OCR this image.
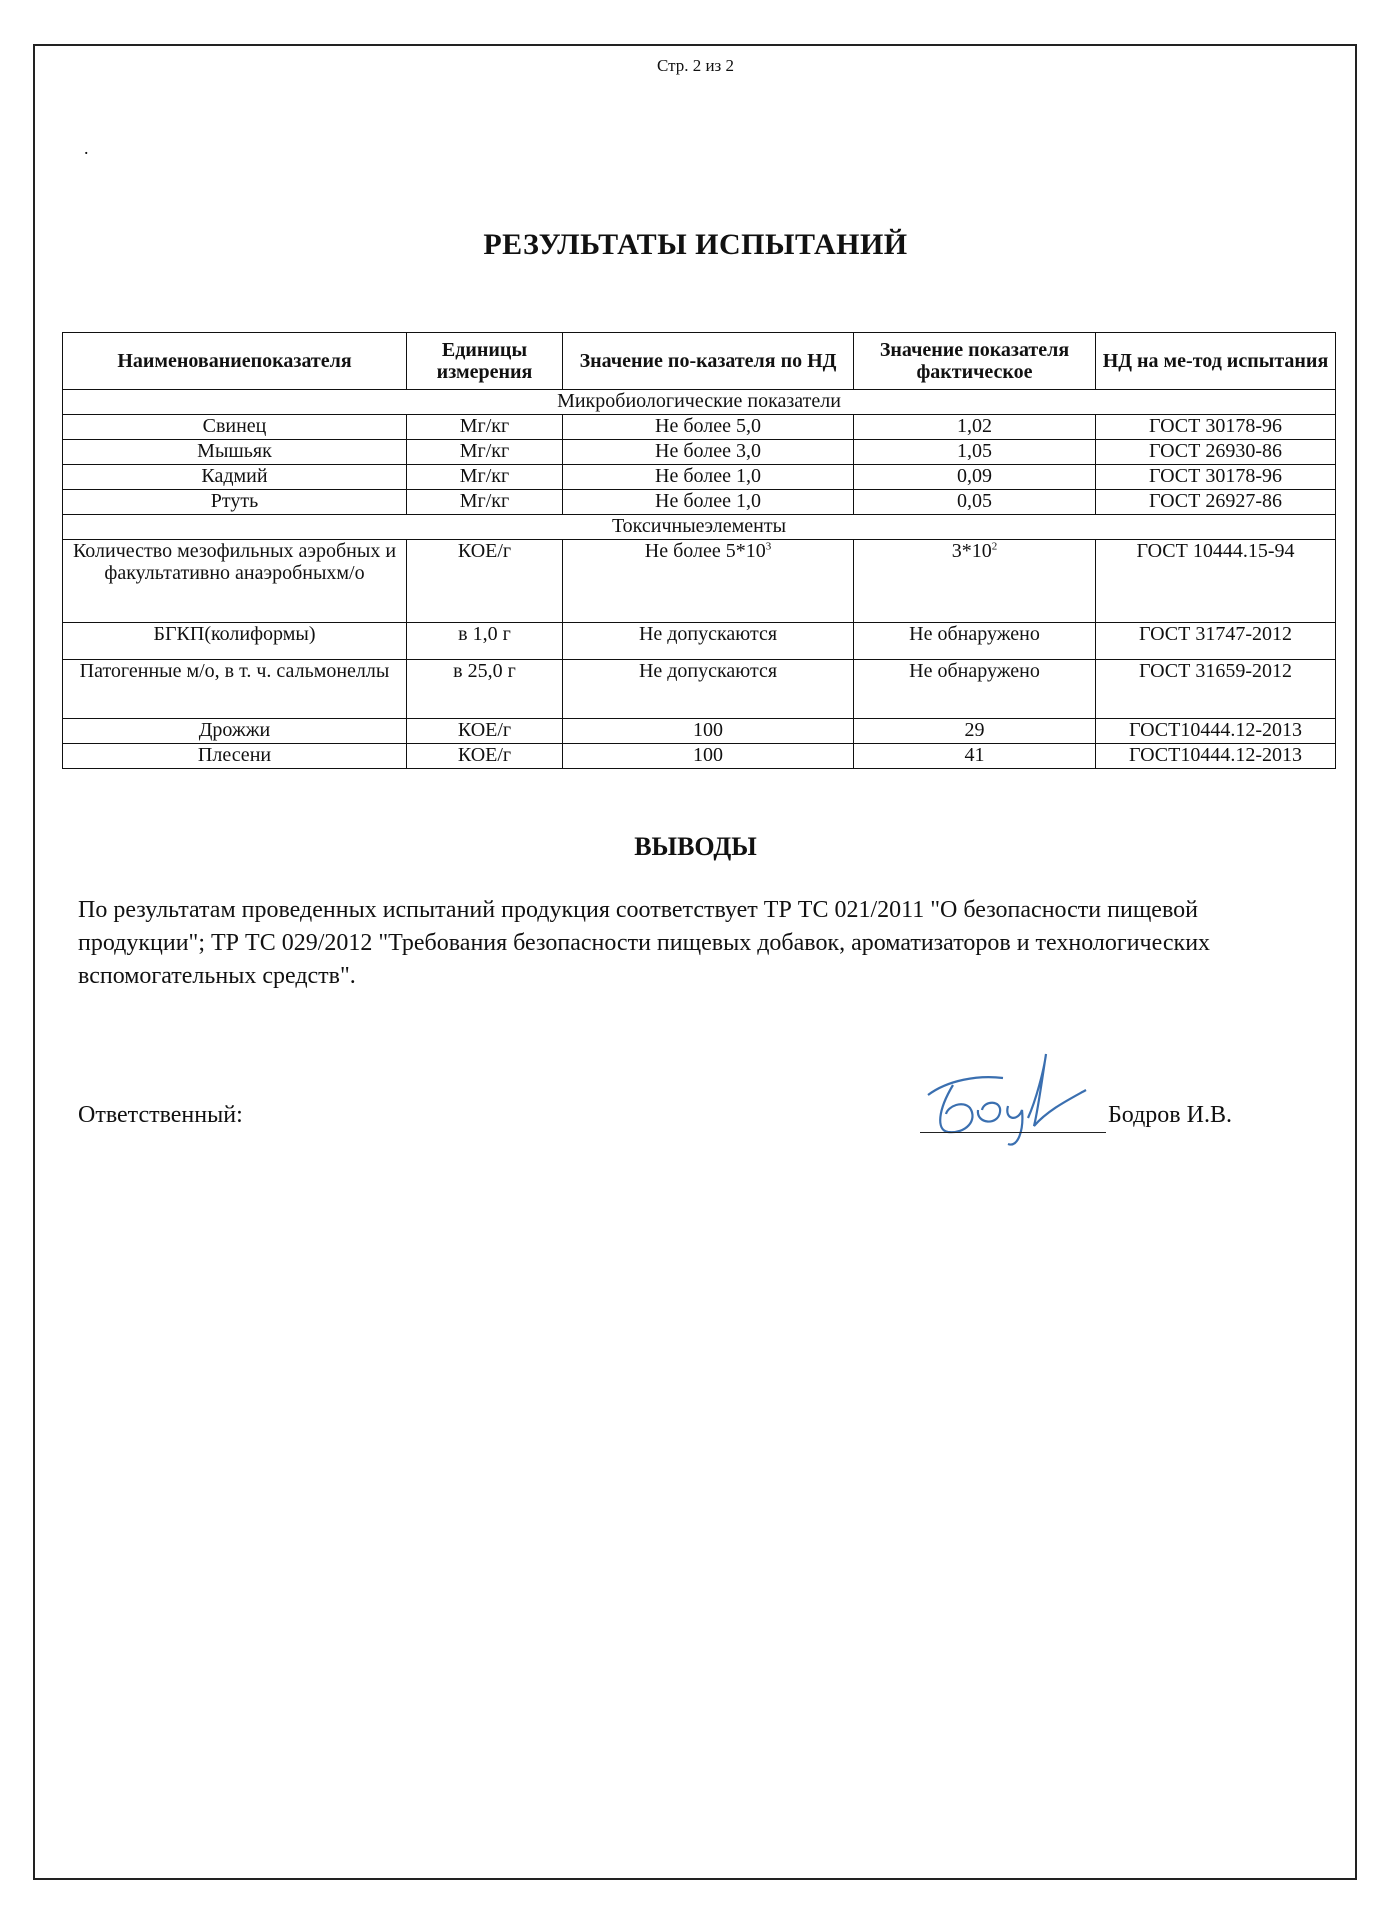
Стр. 2 из 2
.
РЕЗУЛЬТАТЫ ИСПЫТАНИЙ
Наименованиепоказателя	Единицы измерения	Значение по-казателя по НД	Значение показателя фактическое	НД на ме-тод испытания
Микробиологические показатели				
Свинец	Мг/кг	Не более 5,0	1,02	ГОСТ 30178-96
Мышьяк	Мг/кг	Не более 3,0	1,05	ГОСТ 26930-86
Кадмий	Мг/кг	Не более 1,0	0,09	ГОСТ 30178-96
Ртуть	Мг/кг	Не более 1,0	0,05	ГОСТ 26927-86
Токсичныеэлементы				
Количество мезофильных аэробных и факультативно анаэробныхм/о	КОЕ/г	Не более $5*10^3$	$3*10^2$	ГОСТ 10444.15-94
БГКП(колиформы)	в 1,0 г	Не допускаются	Не обнаружено	ГОСТ 31747-2012
Патогенные м/о, в т. ч. сальмонеллы	в 25,0 г	Не допускаются	Не обнаружено	ГОСТ 31659-2012
Дрожжи	КОЕ/г	100	29	ГОСТ10444.12-2013
Плесени	КОЕ/г	100	41	ГОСТ10444.12-2013
ВЫВОДЫ
По результатам проведенных испытаний продукция соответствует ТР ТС 021/2011 "О безопасности пищевой продукции"; ТР ТС 029/2012 "Требования безопасности пищевых добавок, ароматизаторов и технологических вспомогательных средств".
Ответственный:	Бодров И.В.
